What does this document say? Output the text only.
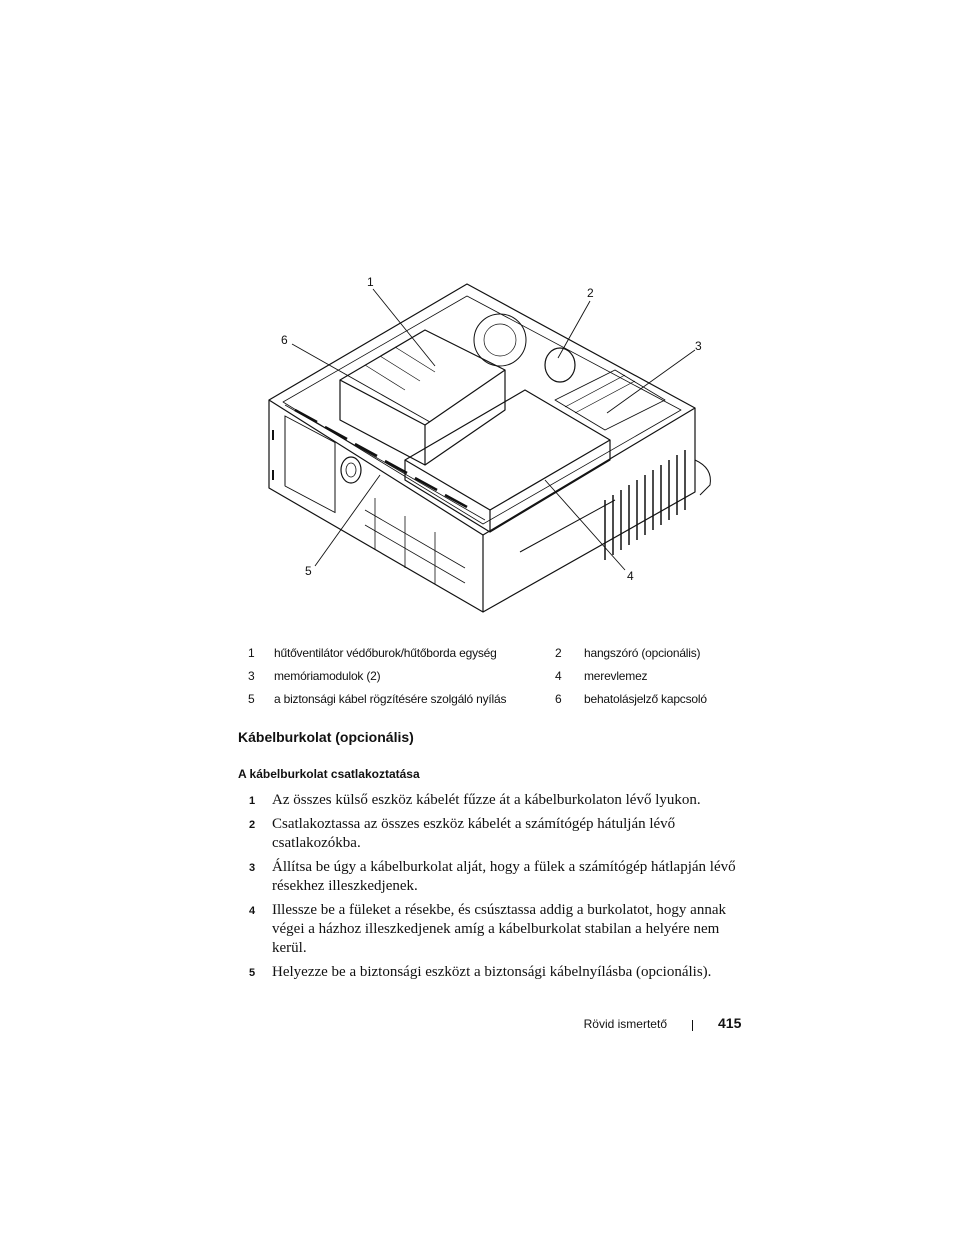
1
2
3
4
5
6
1 hűtőventilátor védőburok/hűtőborda egység	2 hangszóró (opcionális)
3 memóriamodulok (2)	4 merevlemez
5 a biztonsági kábel rögzítésére szolgáló nyílás	6 behatolásjelző kapcsoló
Kábelburkolat (opcionális)
A kábelburkolat csatlakoztatása
1 Az összes külső eszköz kábelét fűzze át a kábelburkolaton lévő lyukon.
2 Csatlakoztassa az összes eszköz kábelét a számítógép hátulján lévő csatlakozókba.
3 Állítsa be úgy a kábelburkolat alját, hogy a fülek a számítógép hátlapján lévő résekhez illeszkedjenek.
4 Illessze be a füleket a résekbe, és csúsztassa addig a burkolatot, hogy annak végei a házhoz illeszkedjenek amíg a kábelburkolat stabilan a helyére nem kerül.
5 Helyezze be a biztonsági eszközt a biztonsági kábelnyílásba (opcionális).
Rövid ismertető	415
